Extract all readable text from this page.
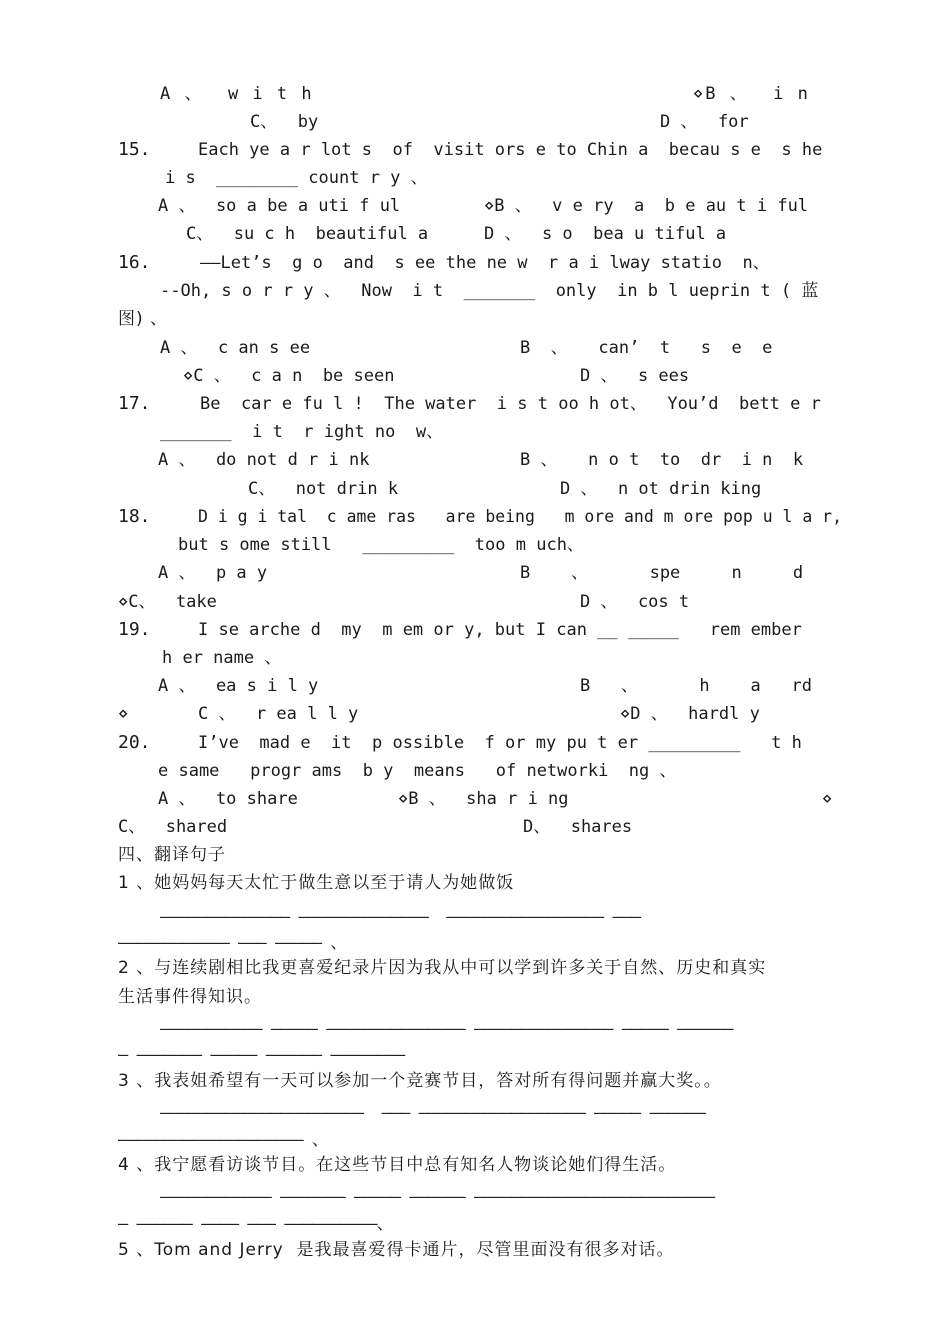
A 、  w i t h	⋄B 、  i n
C、  by	D 、  for
15.	Each ye a r lot s  of  visit ors e to Chin a  becau s e  s he
i s  ________ count r y 、
A 、  so a be a uti f ul	⋄B 、  v e ry  a  b e au t i ful
C、  su c h  beautiful a	D 、  s o  bea u tiful a
16.	——Let’s  g o  and  s ee the ne w  r a i lway statio  n、
--Oh, s o r r y 、  Now  i t  _______  only  in b l ueprin t ( 蓝
图) 、
A 、  c an s ee	B  、   can’  t   s  e  e
⋄C 、  c a n  be seen	D 、  s ees
17.	Be  car e fu l !  The water  i s t oo h ot、  You’d  bett e r
_______  i t  r ight no  w、
A 、  do not d r i nk	B 、   n o t  to  dr  i n  k
C、  not drin k	D 、  n ot drin king
18.	D i g i tal  c ame ras   are being   m ore and m ore pop u l a r,
but s ome still   _________  too m uch、
A 、  p a y	B    、      spe     n     d
⋄C、  take	D 、  cos t
19.	I se arche d  my  m em or y, but I can __ _____   rem ember
h er name 、
A 、  ea s i l y	B   、      h    a   rd
⋄	C 、  r ea l l y	⋄D 、  hardl y
20.	I’ve  mad e  it  p ossible  f or my pu t er _________   t h
e same   progr ams  b y  means   of networki  ng 、
A 、  to share	⋄B 、  sha r i ng	⋄
C、  shared	D、  shares
四、翻译句子
1 、她妈妈每天太忙于做生意以至于请人为她做饭
—————————————— ——————————————  ————————————————— ———
———————————— ——— ————— 、
2 、与连续剧相比我更喜爱纪录片因为我从中可以学到许多关于自然、历史和真实
生活事件得知识。
——————————— ————— ——————————————— ——————————————— ————— ——————
— ——————— ————— —————— ————————
3 、我表姐希望有一天可以参加一个竞赛节目，答对所有得问题并赢大奖。。
——————————————————————  ——— —————————————————— ————— ——————
———————————————————— 、
4 、我宁愿看访谈节目。在这些节目中总有知名人物谈论她们得生活。
———————————— ——————— ————— —————— ——————————————————————————
— —————— ———— ——— ——————————、
5 、Tom and Jerry  是我最喜爱得卡通片，尽管里面没有很多对话。
